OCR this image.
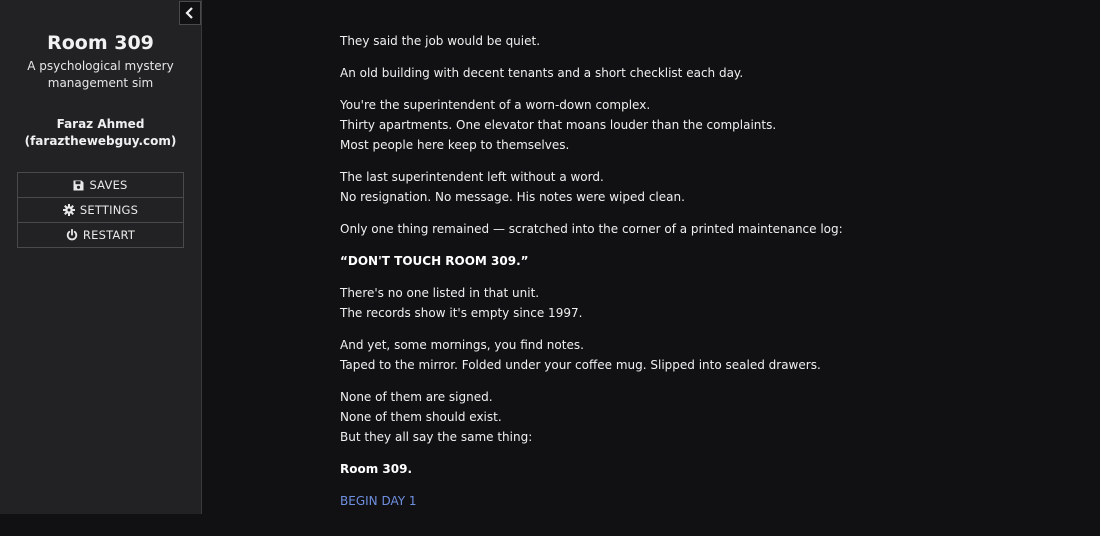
Room 309
A psychological mystery management sim
Faraz Ahmed
(farazthewebguy.com)
SAVES
SETTINGS
RESTART

They said the job would be quiet.

An old building with decent tenants and a short checklist each day.

You're the superintendent of a worn-down complex.
Thirty apartments. One elevator that moans louder than the complaints.
Most people here keep to themselves.

The last superintendent left without a word.
No resignation. No message. His notes were wiped clean.

Only one thing remained — scratched into the corner of a printed maintenance log:

“DON'T TOUCH ROOM 309.”

There's no one listed in that unit.
The records show it's empty since 1997.

And yet, some mornings, you find notes.
Taped to the mirror. Folded under your coffee mug. Slipped into sealed drawers.

None of them are signed.
None of them should exist.
But they all say the same thing:

Room 309.

BEGIN DAY 1
